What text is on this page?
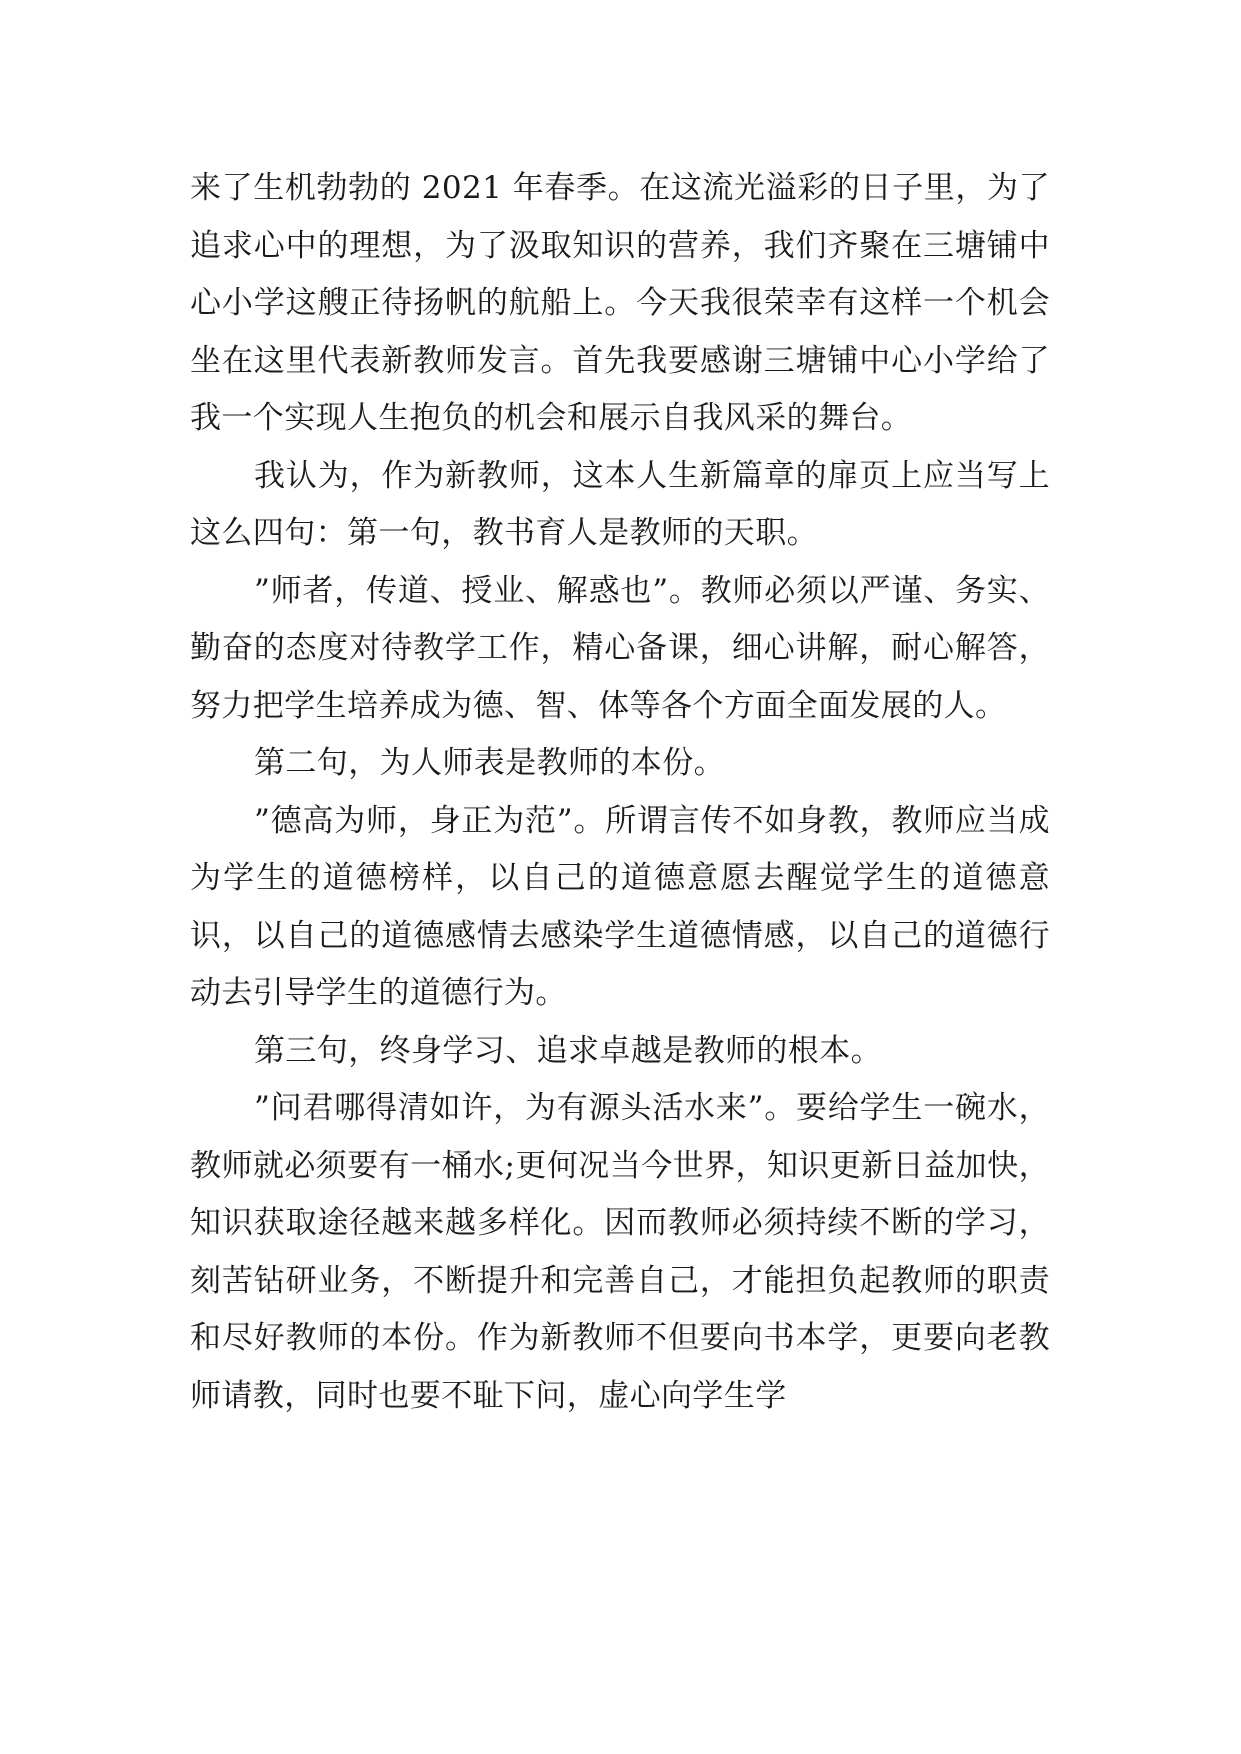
来了生机勃勃的 2021 年春季。在这流光溢彩的日子里，为了追求心中的理想，为了汲取知识的营养，我们齐聚在三塘铺中心小学这艘正待扬帆的航船上。今天我很荣幸有这样一个机会坐在这里代表新教师发言。首先我要感谢三塘铺中心小学给了我一个实现人生抱负的机会和展示自我风采的舞台。

我认为，作为新教师，这本人生新篇章的扉页上应当写上这么四句：第一句，教书育人是教师的天职。

”师者，传道、授业、解惑也”。教师必须以严谨、务实、勤奋的态度对待教学工作，精心备课，细心讲解，耐心解答，努力把学生培养成为德、智、体等各个方面全面发展的人。

第二句，为人师表是教师的本份。

”德高为师，身正为范”。所谓言传不如身教，教师应当成为学生的道德榜样，以自己的道德意愿去醒觉学生的道德意识，以自己的道德感情去感染学生道德情感，以自己的道德行动去引导学生的道德行为。

第三句，终身学习、追求卓越是教师的根本。

”问君哪得清如许，为有源头活水来”。要给学生一碗水，教师就必须要有一桶水;更何况当今世界，知识更新日益加快，知识获取途径越来越多样化。因而教师必须持续不断的学习，刻苦钻研业务，不断提升和完善自己，才能担负起教师的职责和尽好教师的本份。作为新教师不但要向书本学，更要向老教师请教，同时也要不耻下问，虚心向学生学
